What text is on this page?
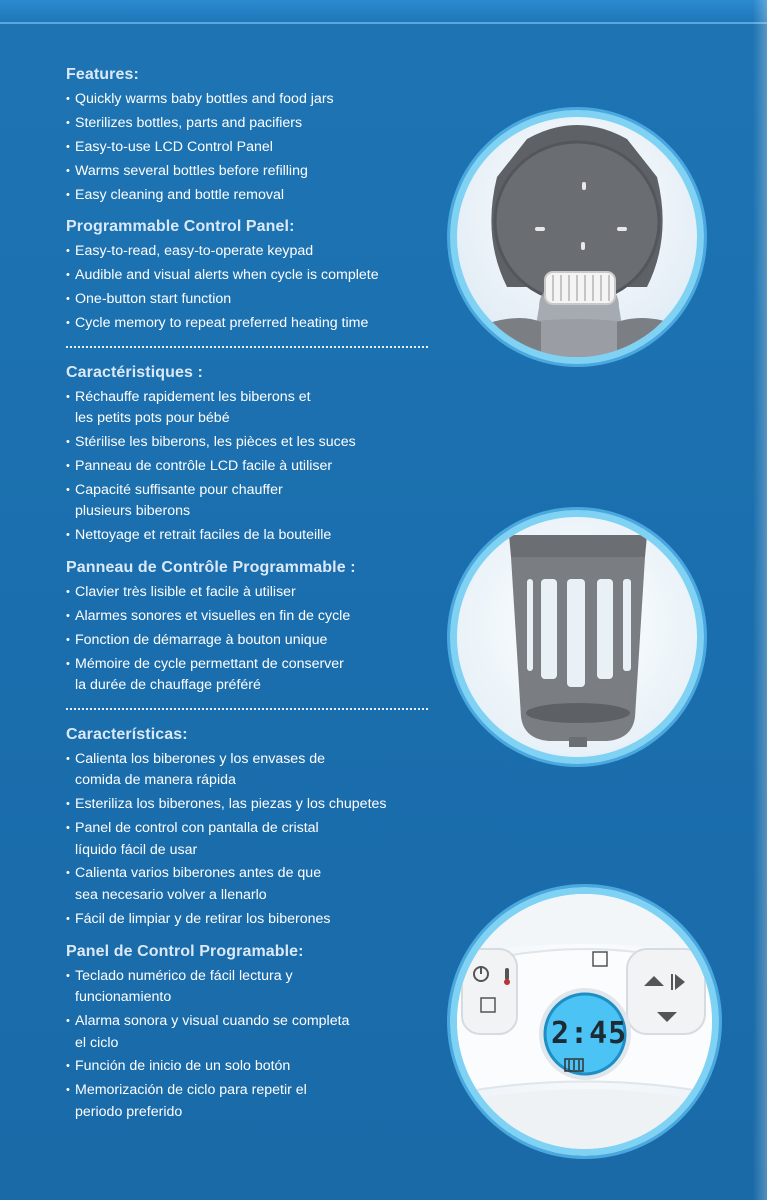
Features:
• Quickly warms baby bottles and food jars
• Sterilizes bottles, parts and pacifiers
• Easy-to-use LCD Control Panel
• Warms several bottles before refilling
• Easy cleaning and bottle removal
Programmable Control Panel:
• Easy-to-read, easy-to-operate keypad
• Audible and visual alerts when cycle is complete
• One-button start function
• Cycle memory to repeat preferred heating time
Caractéristiques :
• Réchauffe rapidement les biberons et
les petits pots pour bébé
• Stérilise les biberons, les pièces et les suces
• Panneau de contrôle LCD facile à utiliser
• Capacité suffisante pour chauffer
plusieurs biberons
• Nettoyage et retrait faciles de la bouteille
Panneau de Contrôle Programmable :
• Clavier très lisible et facile à utiliser
• Alarmes sonores et visuelles en fin de cycle
• Fonction de démarrage à bouton unique
• Mémoire de cycle permettant de conserver
la durée de chauffage préféré
Características:
• Calienta los biberones y los envases de
comida de manera rápida
• Esteriliza los biberones, las piezas y los chupetes
• Panel de control con pantalla de cristal
líquido fácil de usar
• Calienta varios biberones antes de que
sea necesario volver a llenarlo
• Fácil de limpiar y de retirar los biberones
Panel de Control Programable:
• Teclado numérico de fácil lectura y
funcionamiento
• Alarma sonora y visual cuando se completa
el ciclo
• Función de inicio de un solo botón
• Memorización de ciclo para repetir el
periodo preferido
2:45
